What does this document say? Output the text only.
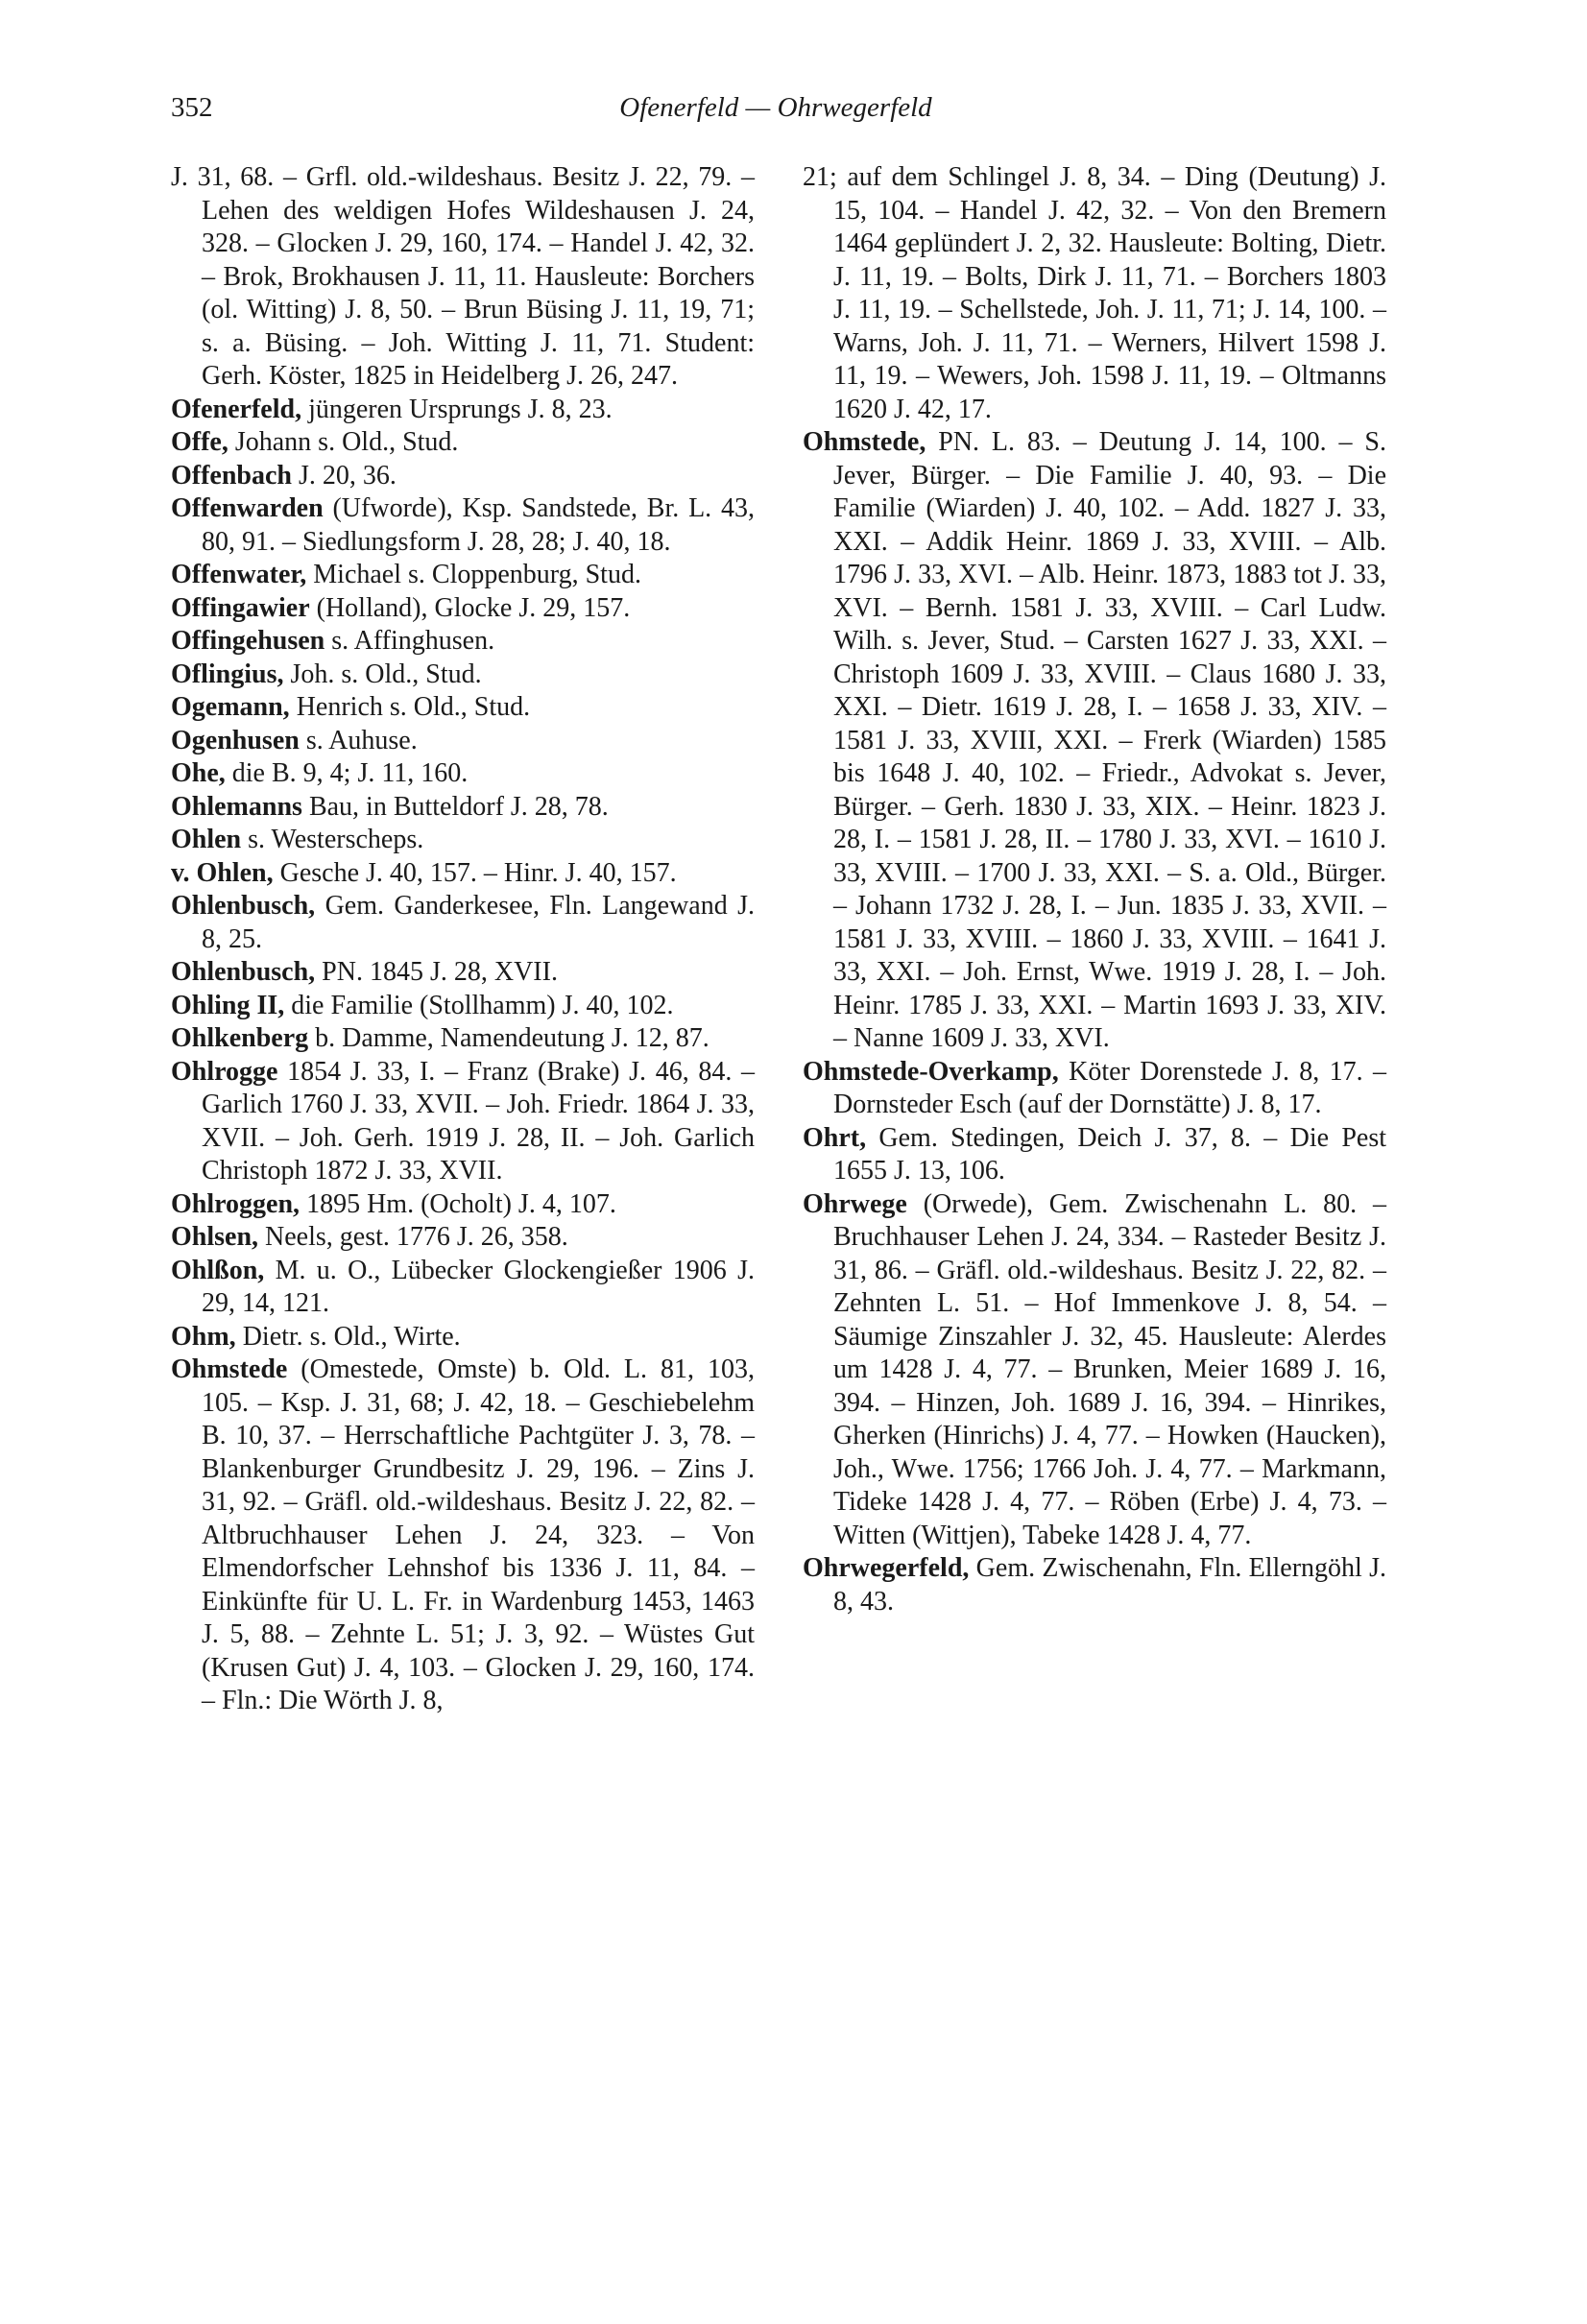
352	Ofenerfeld — Ohrwegerfeld

J. 31, 68. – Grfl. old.-wildeshaus. Besitz J. 22, 79. – Lehen des weldigen Hofes Wildeshausen J. 24, 328. – Glocken J. 29, 160, 174. – Handel J. 42, 32. – Brok, Brokhausen J. 11, 11. Hausleute: Borchers (ol. Witting) J. 8, 50. – Brun Büsing J. 11, 19, 71; s. a. Büsing. – Joh. Witting J. 11, 71. Student: Gerh. Köster, 1825 in Heidelberg J. 26, 247.

Ofenerfeld, jüngeren Ursprungs J. 8, 23.

Offe, Johann s. Old., Stud.

Offenbach J. 20, 36.

Offenwarden (Ufworde), Ksp. Sandstede, Br. L. 43, 80, 91. – Siedlungsform J. 28, 28; J. 40, 18.

Offenwater, Michael s. Cloppenburg, Stud.

Offingawier (Holland), Glocke J. 29, 157.

Offingehusen s. Affinghusen.

Oflingius, Joh. s. Old., Stud.

Ogemann, Henrich s. Old., Stud.

Ogenhusen s. Auhuse.

Ohe, die B. 9, 4; J. 11, 160.

Ohlemanns Bau, in Butteldorf J. 28, 78.

Ohlen s. Westerscheps.

v. Ohlen, Gesche J. 40, 157. – Hinr. J. 40, 157.

Ohlenbusch, Gem. Ganderkesee, Fln. Langewand J. 8, 25.

Ohlenbusch, PN. 1845 J. 28, XVII.

Ohling II, die Familie (Stollhamm) J. 40, 102.

Ohlkenberg b. Damme, Namendeutung J. 12, 87.

Ohlrogge 1854 J. 33, I. – Franz (Brake) J. 46, 84. – Garlich 1760 J. 33, XVII. – Joh. Friedr. 1864 J. 33, XVII. – Joh. Gerh. 1919 J. 28, II. – Joh. Garlich Christoph 1872 J. 33, XVII.

Ohlroggen, 1895 Hm. (Ocholt) J. 4, 107.

Ohlsen, Neels, gest. 1776 J. 26, 358.

Ohlßon, M. u. O., Lübecker Glockengießer 1906 J. 29, 14, 121.

Ohm, Dietr. s. Old., Wirte.

Ohmstede (Omestede, Omste) b. Old. L. 81, 103, 105. – Ksp. J. 31, 68; J. 42, 18. – Geschiebelehm B. 10, 37. – Herrschaftliche Pachtgüter J. 3, 78. – Blankenburger Grundbesitz J. 29, 196. – Zins J. 31, 92. – Gräfl. old.-wildeshaus. Besitz J. 22, 82. – Altbruchhauser Lehen J. 24, 323. – Von Elmendorfscher Lehnshof bis 1336 J. 11, 84. – Einkünfte für U. L. Fr. in Wardenburg 1453, 1463 J. 5, 88. – Zehnte L. 51; J. 3, 92. – Wüstes Gut (Krusen Gut) J. 4, 103. – Glocken J. 29, 160, 174. – Fln.: Die Wörth J. 8,

21; auf dem Schlingel J. 8, 34. – Ding (Deutung) J. 15, 104. – Handel J. 42, 32. – Von den Bremern 1464 geplündert J. 2, 32. Hausleute: Bolting, Dietr. J. 11, 19. – Bolts, Dirk J. 11, 71. – Borchers 1803 J. 11, 19. – Schellstede, Joh. J. 11, 71; J. 14, 100. – Warns, Joh. J. 11, 71. – Werners, Hilvert 1598 J. 11, 19. – Wewers, Joh. 1598 J. 11, 19. – Oltmanns 1620 J. 42, 17.

Ohmstede, PN. L. 83. – Deutung J. 14, 100. – S. Jever, Bürger. – Die Familie J. 40, 93. – Die Familie (Wiarden) J. 40, 102. – Add. 1827 J. 33, XXI. – Addik Heinr. 1869 J. 33, XVIII. – Alb. 1796 J. 33, XVI. – Alb. Heinr. 1873, 1883 tot J. 33, XVI. – Bernh. 1581 J. 33, XVIII. – Carl Ludw. Wilh. s. Jever, Stud. – Carsten 1627 J. 33, XXI. – Christoph 1609 J. 33, XVIII. – Claus 1680 J. 33, XXI. – Dietr. 1619 J. 28, I. – 1658 J. 33, XIV. – 1581 J. 33, XVIII, XXI. – Frerk (Wiarden) 1585 bis 1648 J. 40, 102. – Friedr., Advokat s. Jever, Bürger. – Gerh. 1830 J. 33, XIX. – Heinr. 1823 J. 28, I. – 1581 J. 28, II. – 1780 J. 33, XVI. – 1610 J. 33, XVIII. – 1700 J. 33, XXI. – S. a. Old., Bürger. – Johann 1732 J. 28, I. – Jun. 1835 J. 33, XVII. – 1581 J. 33, XVIII. – 1860 J. 33, XVIII. – 1641 J. 33, XXI. – Joh. Ernst, Wwe. 1919 J. 28, I. – Joh. Heinr. 1785 J. 33, XXI. – Martin 1693 J. 33, XIV. – Nanne 1609 J. 33, XVI.

Ohmstede-Overkamp, Köter Dorenstede J. 8, 17. – Dornsteder Esch (auf der Dornstätte) J. 8, 17.

Ohrt, Gem. Stedingen, Deich J. 37, 8. – Die Pest 1655 J. 13, 106.

Ohrwege (Orwede), Gem. Zwischenahn L. 80. – Bruchhauser Lehen J. 24, 334. – Rasteder Besitz J. 31, 86. – Gräfl. old.-wildeshaus. Besitz J. 22, 82. – Zehnten L. 51. – Hof Immenkove J. 8, 54. – Säumige Zinszahler J. 32, 45. Hausleute: Alerdes um 1428 J. 4, 77. – Brunken, Meier 1689 J. 16, 394. – Hinzen, Joh. 1689 J. 16, 394. – Hinrikes, Gherken (Hinrichs) J. 4, 77. – Howken (Haucken), Joh., Wwe. 1756; 1766 Joh. J. 4, 77. – Markmann, Tideke 1428 J. 4, 77. – Röben (Erbe) J. 4, 73. – Witten (Wittjen), Tabeke 1428 J. 4, 77.

Ohrwegerfeld, Gem. Zwischenahn, Fln. Ellerngöhl J. 8, 43.
